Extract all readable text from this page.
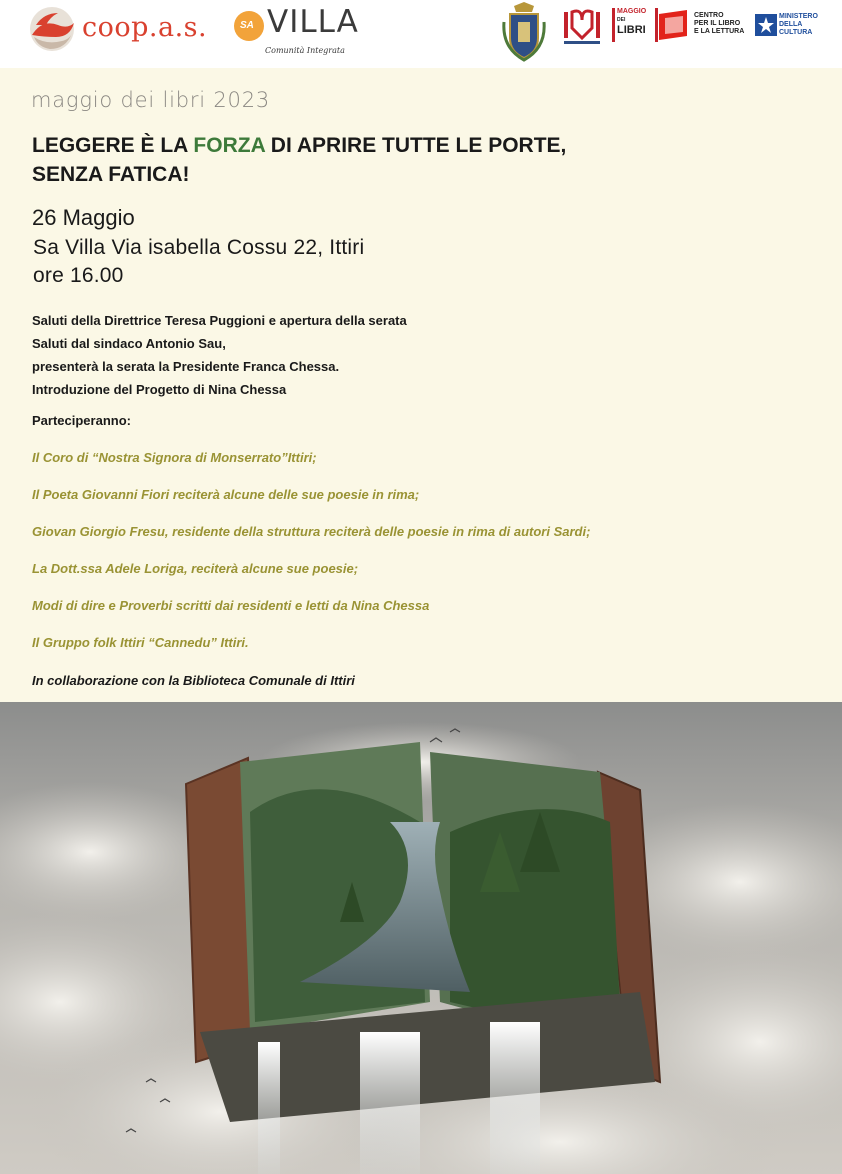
coop.a.s.	SA VILLA
Comunità Integrata
MAGGIO
DEI
LIBRI
CENTRO
PER IL LIBRO
E LA LETTURA
MINISTERO
DELLA
CULTURA
maggio dei libri 2023
LEGGERE È LA FORZA DI APRIRE TUTTE LE PORTE,
SENZA FATICA!
26 Maggio
Sa Villa Via isabella Cossu 22, Ittiri
ore 16.00
Saluti della Direttrice Teresa Puggioni e apertura della serata
Saluti dal sindaco Antonio Sau,
presenterà la serata la Presidente Franca Chessa.
Introduzione del Progetto di Nina Chessa
Parteciperanno:
Il Coro di “Nostra Signora di Monserrato”Ittiri;
Il Poeta Giovanni Fiori reciterà alcune delle sue poesie in rima;
Giovan Giorgio Fresu, residente della struttura reciterà delle poesie in rima di autori Sardi;
La Dott.ssa Adele Loriga, reciterà alcune sue poesie;
Modi di dire e Proverbi scritti dai residenti e letti da Nina Chessa
Il Gruppo folk Ittiri “Cannedu” Ittiri.
In collaborazione con la Biblioteca Comunale di Ittiri
